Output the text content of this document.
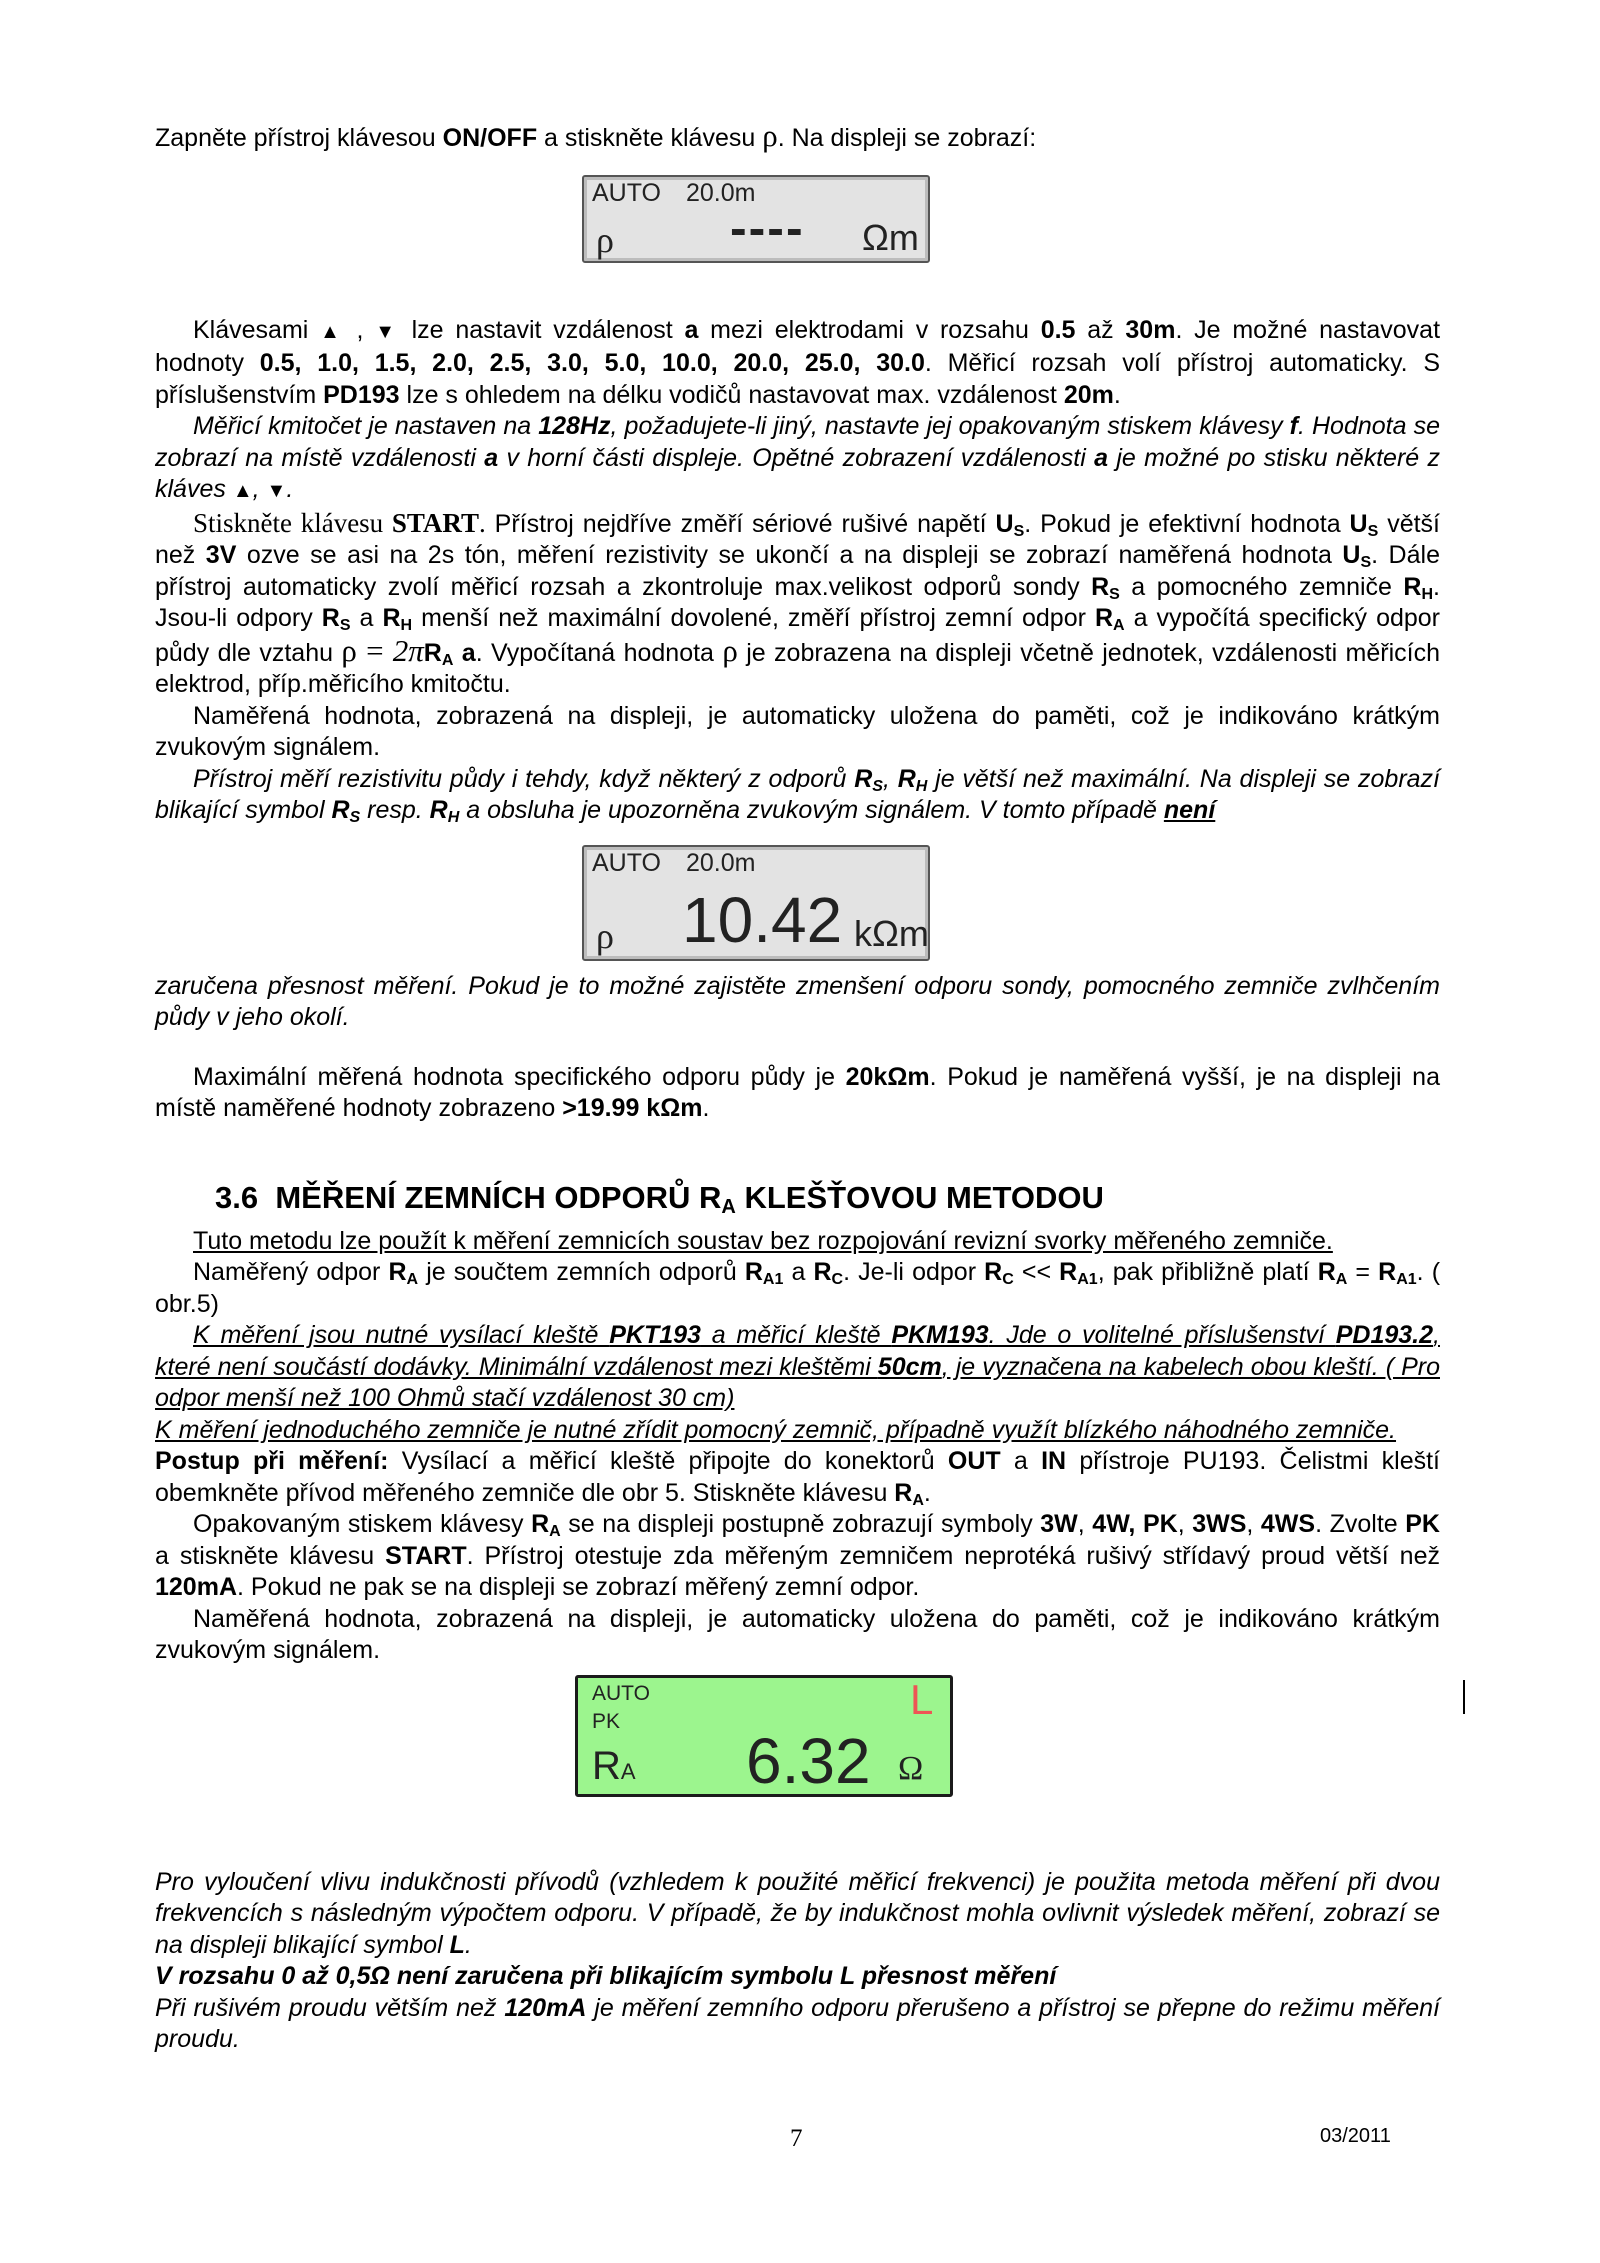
Zapněte přístroj klávesou ON/OFF a stiskněte klávesu ρ. Na displeji se zobrazí:

AUTO 20.0m
ρ ---- Ωm

Klávesami ▲ , ▼ lze nastavit vzdálenost a mezi elektrodami v rozsahu 0.5 až 30m. Je možné nastavovat hodnoty 0.5, 1.0, 1.5, 2.0, 2.5, 3.0, 5.0, 10.0, 20.0, 25.0, 30.0. Měřicí rozsah volí přístroj automaticky. S příslušenstvím PD193 lze s ohledem na délku vodičů nastavovat max. vzdálenost 20m.

Měřicí kmitočet je nastaven na 128Hz, požadujete-li jiný, nastavte jej opakovaným stiskem klávesy f. Hodnota se zobrazí na místě vzdálenosti a v horní části displeje. Opětné zobrazení vzdálenosti a je možné po stisku některé z kláves ▲, ▼.

Stiskněte klávesu START. Přístroj nejdříve změří sériové rušivé napětí $U_S$. Pokud je efektivní hodnota $U_S$ větší než 3V ozve se asi na 2s tón, měření rezistivity se ukončí a na displeji se zobrazí naměřená hodnota $U_S$. Dále přístroj automaticky zvolí měřicí rozsah a zkontroluje max.velikost odporů sondy $R_S$ a pomocného zemniče $R_H$. Jsou-li odpory $R_S$ a $R_H$ menší než maximální dovolené, změří přístroj zemní odpor $R_A$ a vypočítá specifický odpor půdy dle vztahu $\rho = 2\pi R_A$ a. Vypočítaná hodnota ρ je zobrazena na displeji včetně jednotek, vzdálenosti měřicích elektrod, příp.měřicího kmitočtu.

Naměřená hodnota, zobrazená na displeji, je automaticky uložena do paměti, což je indikováno krátkým zvukovým signálem.

Přístroj měří rezistivitu půdy i tehdy, když některý z odporů $R_S$, $R_H$ je větší než maximální. Na displeji se zobrazí blikající symbol $R_S$ resp. $R_H$ a obsluha je upozorněna zvukovým signálem. V tomto případě není

AUTO 20.0m
ρ 10.42 kΩm

zaručena přesnost měření. Pokud je to možné zajistěte zmenšení odporu sondy, pomocného zemniče zvlhčením půdy v jeho okolí.

Maximální měřená hodnota specifického odporu půdy je 20kΩm. Pokud je naměřená vyšší, je na displeji na místě naměřené hodnoty zobrazeno >19.99 kΩm.

3.6 MĚŘENÍ ZEMNÍCH ODPORŮ $R_A$ KLEŠŤOVOU METODOU

Tuto metodu lze použít k měření zemnicích soustav bez rozpojování revizní svorky měřeného zemniče.

Naměřený odpor $R_A$ je součtem zemních odporů $R_{A1}$ a $R_C$. Je-li odpor $R_C << R_{A1}$, pak přibližně platí $R_A = R_{A1}$. ( obr.5)

K měření jsou nutné vysílací kleště PKT193 a měřicí kleště PKM193. Jde o volitelné příslušenství PD193.2, které není součástí dodávky. Minimální vzdálenost mezi kleštěmi 50cm, je vyznačena na kabelech obou kleští. ( Pro odpor menší než 100 Ohmů stačí vzdálenost 30 cm)

K měření jednoduchého zemniče je nutné zřídit pomocný zemnič, případně využít blízkého náhodného zemniče.

Postup při měření: Vysílací a měřicí kleště připojte do konektorů OUT a IN přístroje PU193. Čelistmi kleští obemkněte přívod měřeného zemniče dle obr 5. Stiskněte klávesu $R_A$.

Opakovaným stiskem klávesy $R_A$ se na displeji postupně zobrazují symboly 3W, 4W, PK, 3WS, 4WS. Zvolte PK a stiskněte klávesu START. Přístroj otestuje zda měřeným zemničem neprotéká rušivý střídavý proud větší než 120mA. Pokud ne pak se na displeji se zobrazí měřený zemní odpor.

Naměřená hodnota, zobrazená na displeji, je automaticky uložena do paměti, což je indikováno krátkým zvukovým signálem.

AUTO
PK	L
RA 6.32 Ω

Pro vyloučení vlivu indukčnosti přívodů (vzhledem k použité měřicí frekvenci) je použita metoda měření při dvou frekvencích s následným výpočtem odporu. V případě, že by indukčnost mohla ovlivnit výsledek měření, zobrazí se na displeji blikající symbol L.

V rozsahu 0 až 0,5Ω není zaručena při blikajícím symbolu L přesnost měření

Při rušivém proudu větším než 120mA je měření zemního odporu přerušeno a přístroj se přepne do režimu měření proudu.

7	03/2011
